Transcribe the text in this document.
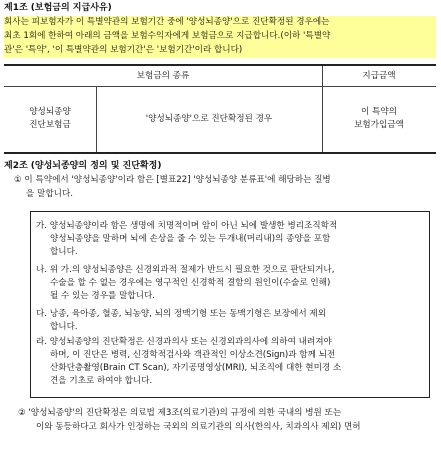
제1조 (보험금의 지급사유)
회사는 피보험자가 이 특별약관의 보험기간 중에 '양성뇌종양'으로 진단확정된 경우에는
최초 1회에 한하여 아래의 금액을 보험수익자에게 보험금으로 지급합니다.(이하 '특별약
관'은 '특약', '이 특별약관의 보험기간'은 '보험기간'이라 합니다)
보험금의 종류	지급금액
양성뇌종양
진단보험금
'양성뇌종양'으로 진단확정된 경우
이 특약의
보험가입금액
제2조 (양성뇌종양의 정의 및 진단확정)
① 이 특약에서 '양성뇌종양'이라 함은 [별표22] '양성뇌종양 분류표'에 해당하는 질병
을 말합니다.
가. 양성뇌종양이라 함은 생명에 치명적이며 암이 아닌 뇌에 발생한 병리조직학적
양성뇌종양을 말하며 뇌에 손상을 줄 수 있는 두개내(머리내)의 종양을 포함
합니다.
나. 위 가.의 양성뇌종양은 신경외과적 절제가 반드시 필요한 것으로 판단되거나,
수술을 할 수 없는 경우에는 영구적인 신경학적 결함의 원인이(수술로 인해)
될 수 있는 경우를 말합니다.
다. 낭종, 육아종, 혈종, 뇌농양, 뇌의 정맥기형 또는 동맥기형은 보장에서 제외
합니다.
라. 양성뇌종양의 진단확정은 신경과의사 또는 신경외과의사에 의하여 내려져야
하며, 이 진단은 병력, 신경학적검사와 객관적인 이상소견(Sign)과 함께 뇌전
산화단층촬영(Brain CT Scan), 자기공명영상(MRI), 뇌조직에 대한 현미경 소
견을 기초로 하여야 합니다.
② '양성뇌종양'의 진단확정은 의료법 제3조(의료기관)의 규정에 의한 국내의 병원 또는
이와 동등하다고 회사가 인정하는 국외의 의료기관의 의사(한의사, 치과의사 제외) 면허
